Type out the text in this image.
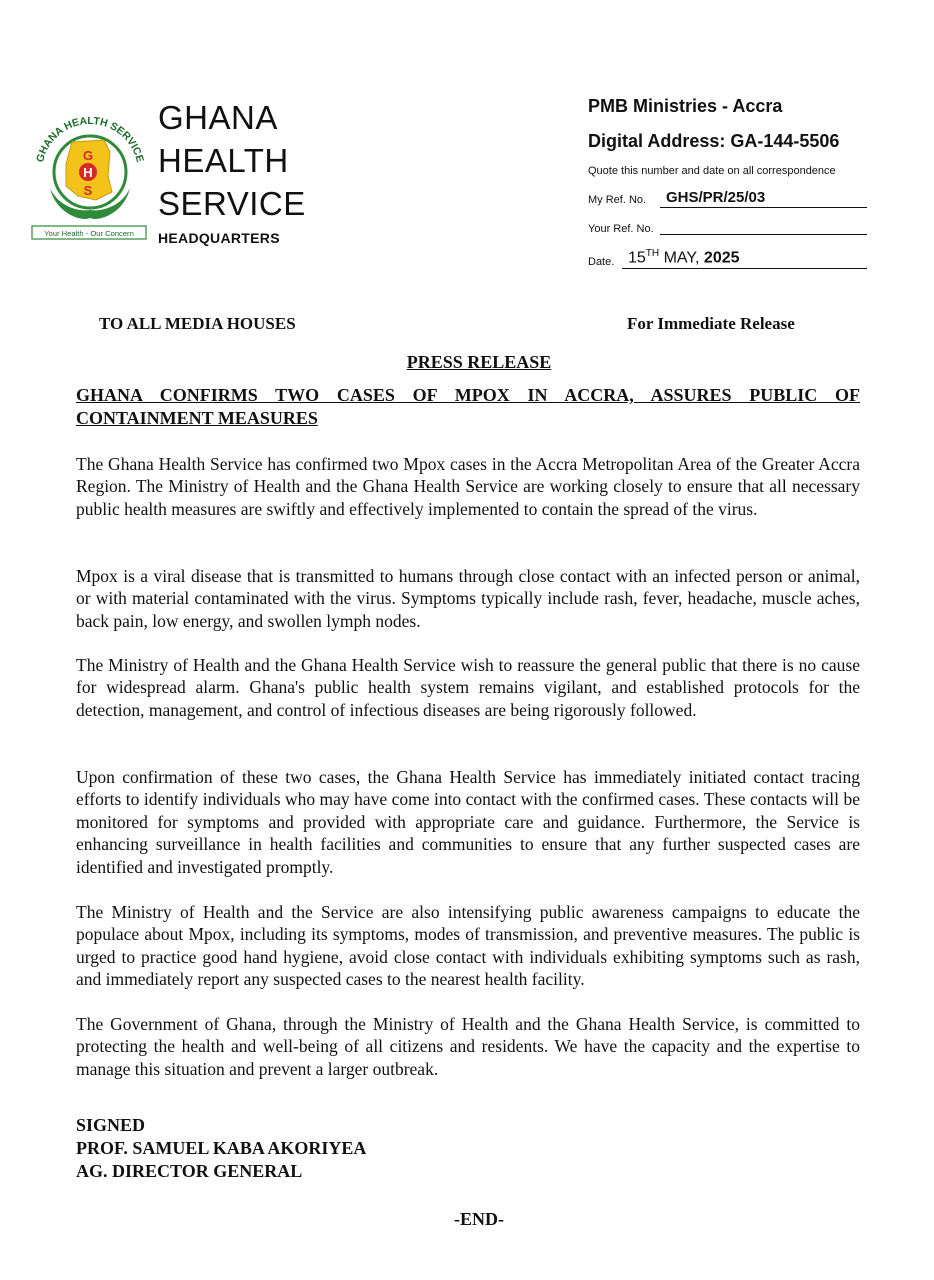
GHANA HEALTH SERVICE
G
H
S
Your Health - Our Concern
GHANA
HEALTH
SERVICE
HEADQUARTERS
PMB Ministries - Accra
Digital Address: GA-144-5506
Quote this number and date on all correspondence
My Ref. No. GHS/PR/25/03
Your Ref. No.
Date. 15TH MAY, 2025
TO ALL MEDIA HOUSES	For Immediate Release
PRESS RELEASE
GHANA CONFIRMS TWO CASES OF MPOX IN ACCRA, ASSURES PUBLIC OF CONTAINMENT MEASURES

The Ghana Health Service has confirmed two Mpox cases in the Accra Metropolitan Area of the Greater Accra Region. The Ministry of Health and the Ghana Health Service are working closely to ensure that all necessary public health measures are swiftly and effectively implemented to contain the spread of the virus.

Mpox is a viral disease that is transmitted to humans through close contact with an infected person or animal, or with material contaminated with the virus. Symptoms typically include rash, fever, headache, muscle aches, back pain, low energy, and swollen lymph nodes.

The Ministry of Health and the Ghana Health Service wish to reassure the general public that there is no cause for widespread alarm. Ghana's public health system remains vigilant, and established protocols for the detection, management, and control of infectious diseases are being rigorously followed.

Upon confirmation of these two cases, the Ghana Health Service has immediately initiated contact tracing efforts to identify individuals who may have come into contact with the confirmed cases. These contacts will be monitored for symptoms and provided with appropriate care and guidance. Furthermore, the Service is enhancing surveillance in health facilities and communities to ensure that any further suspected cases are identified and investigated promptly.

The Ministry of Health and the Service are also intensifying public awareness campaigns to educate the populace about Mpox, including its symptoms, modes of transmission, and preventive measures. The public is urged to practice good hand hygiene, avoid close contact with individuals exhibiting symptoms such as rash, and immediately report any suspected cases to the nearest health facility.

The Government of Ghana, through the Ministry of Health and the Ghana Health Service, is committed to protecting the health and well-being of all citizens and residents. We have the capacity and the expertise to manage this situation and prevent a larger outbreak.

SIGNED
PROF. SAMUEL KABA AKORIYEA
AG. DIRECTOR GENERAL
-END-
